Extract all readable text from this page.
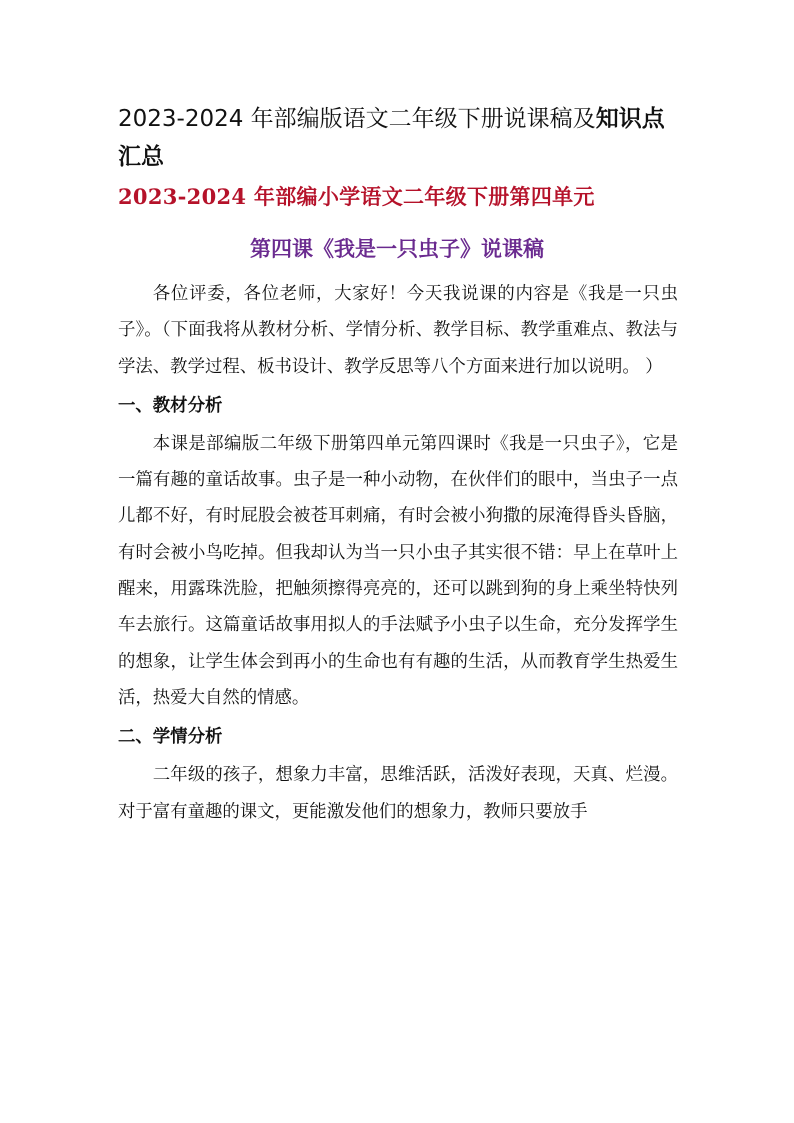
2023-2024 年部编版语文二年级下册说课稿及知识点汇总
2023-2024 年部编小学语文二年级下册第四单元
第四课《我是一只虫子》说课稿

各位评委，各位老师，大家好！今天我说课的内容是《我是一只虫子》。（下面我将从教材分析、学情分析、教学目标、教学重难点、教法与学法、教学过程、板书设计、教学反思等八个方面来进行加以说明。 ）

一、教材分析

本课是部编版二年级下册第四单元第四课时《我是一只虫子》，它是一篇有趣的童话故事。虫子是一种小动物，在伙伴们的眼中，当虫子一点儿都不好，有时屁股会被苍耳刺痛，有时会被小狗撒的尿淹得昏头昏脑，有时会被小鸟吃掉。但我却认为当一只小虫子其实很不错：早上在草叶上醒来，用露珠洗脸，把触须擦得亮亮的，还可以跳到狗的身上乘坐特快列车去旅行。这篇童话故事用拟人的手法赋予小虫子以生命，充分发挥学生的想象，让学生体会到再小的生命也有有趣的生活，从而教育学生热爱生活，热爱大自然的情感。

二、学情分析

二年级的孩子，想象力丰富，思维活跃，活泼好表现，天真、烂漫。对于富有童趣的课文，更能激发他们的想象力，教师只要放手
